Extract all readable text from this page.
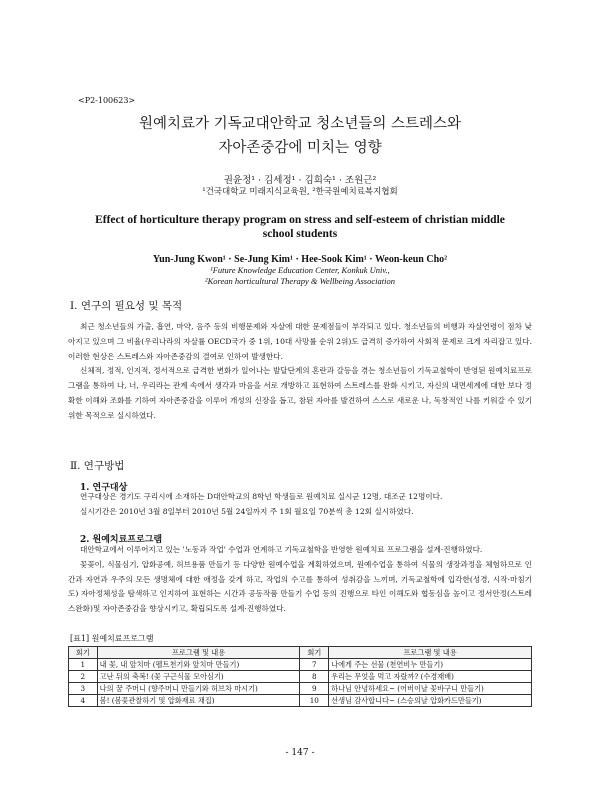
<P2-100623>
원예치료가 기독교대안학교 청소년들의 스트레스와
자아존중감에 미치는 영향
권윤정¹ · 김세정¹ · 김희숙¹ · 조원근²
¹건국대학교 미래지식교육원, ²한국원예치료복지협회
Effect of horticulture therapy program on stress and self-esteem of christian middle school students
Yun-Jung Kwon¹ · Se-Jung Kim¹ · Hee-Sook Kim¹ · Weon-keun Cho²
¹Future Knowledge Education Center, Konkuk Univ.,
²Korean horticultural Therapy & Wellbeing Association
Ⅰ. 연구의 필요성 및 목적

최근 청소년들의 가출, 흡연, 마약, 음주 등의 비행문제와 자살에 대한 문제점들이 부각되고 있다. 청소년들의 비행과 자살연령이 점차 낮아지고 있으며 그 비율(우리나라의 자살률 OECD국가 중 1위, 10대 사망률 순위 2위)도 급격히 증가하여 사회적 문제로 크게 자리잡고 있다. 이러한 현상은 스트레스와 자아존중감의 결여로 인하여 발생한다.

신체적, 정적, 인지적, 정서적으로 급격한 변화가 일어나는 발달단계의 혼란과 갈등을 겪는 청소년들이 기독교철학이 반영된 원예치료프로그램을 통하여 나, 너, 우리라는 관계 속에서 생각과 마음을 서로 개방하고 표현하여 스트레스를 완화 시키고, 자신의 내면세계에 대한 보다 정확한 이해와 조화를 기하여 자아존중감을 이루어 개성의 신장을 돕고, 참된 자아를 발견하여 스스로 새로운 나, 독창적인 나를 키워갈 수 있기 위한 목적으로 실시하였다.

Ⅱ. 연구방법
1. 연구대상

연구대상은 경기도 구리시에 소재하는 D대안학교의 8학년 학생들로 원예치료 실시군 12명, 대조군 12명이다.

실시기간은 2010년 3월 8일부터 2010년 5월 24일까지 주 1회 월요일 70분씩 총 12회 실시하였다.

2. 원예치료프로그램

대안학교에서 이루어지고 있는 '노동과 작업' 수업과 연계하고 기독교철학을 반영한 원예치료 프로그램을 설계·진행하였다.

꽃꽂이, 식물심기, 압화공예, 허브용품 만들기 등 다양한 원예수업을 계획하였으며, 원예수업을 통하여 식물의 생장과정을 체험하므로 인간과 자연과 우주의 모든 생명체에 대한 애정을 갖게 하고, 작업의 수고를 통하여 성취감을 느끼며, 기독교철학에 입각한(성경, 시작·마침기도) 자아정체성을 탐색하고 인지하여 표현하는 시간과 공동작품 만들기 수업 등의 진행으로 타인 이해도와 협동심을 높이고 정서안정(스트레스완화)및 자아존중감을 향상시키고, 확립되도록 설계·진행하였다.

[표1] 원예치료프로그램
회기	프로그램 및 내용	회기	프로그램 및 내용
1	내 꽃, 내 앞치마 (펠트천기와 앞치마 만들기)	7	나에게 주는 선물 (천연비누 만들기)
2	고난 뒤의 축복! (꽃 구근식물 모아심기)	8	우리는 무엇을 먹고 자랐까? (수경재배)
3	나의 꿈 주머니 (향주머니 만들기와 허브차 마시기)	9	하나님 안녕하세요~ (어버이날 꽃바구니 만들기)
4	봄! (봄꽃관찰하기 및 압화재료 채집)	10	선생님 감사합니다~ (스승의날 압화카드만들기)
- 147 -
